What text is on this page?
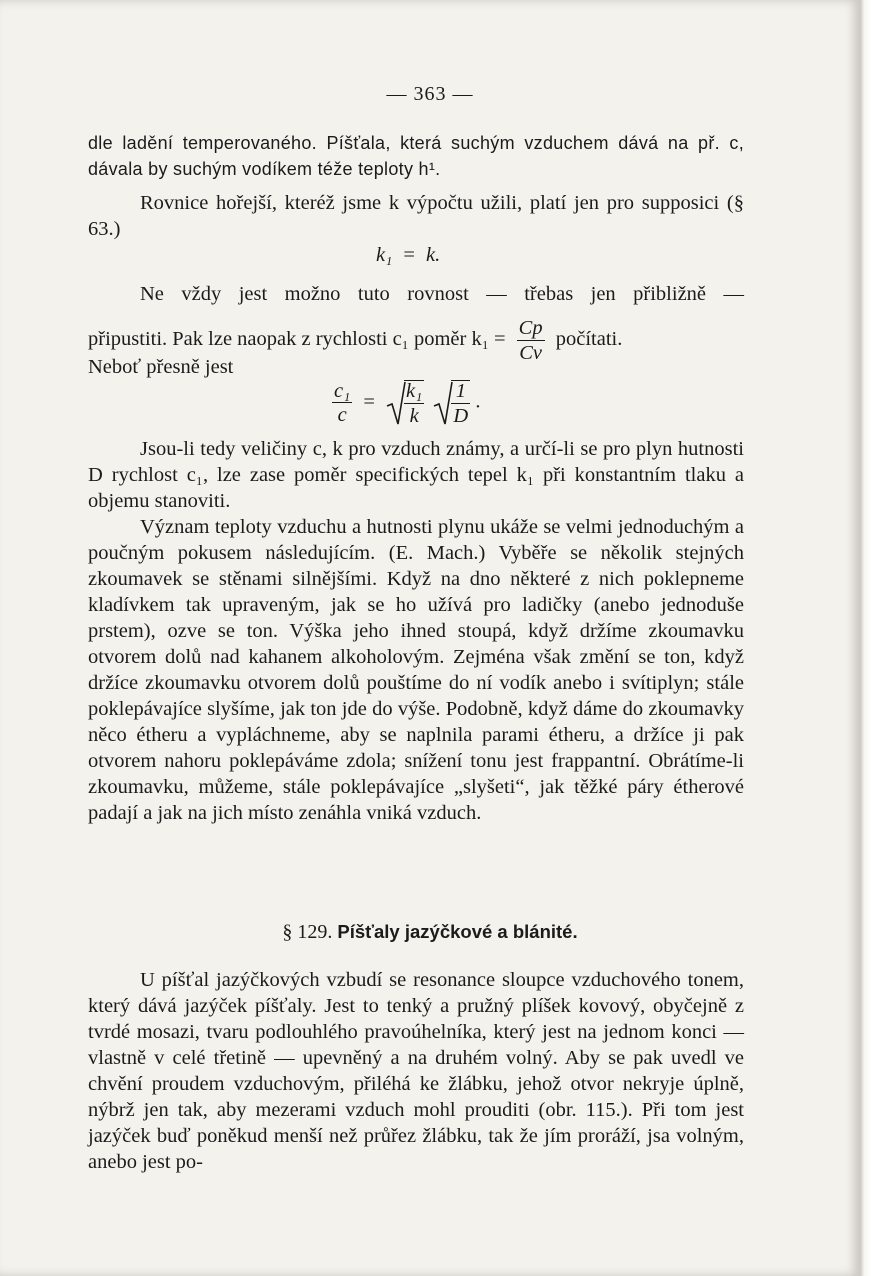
— 363 —
dle ladění temperovaného. Píšťala, která suchým vzduchem dává na př. c, dávala by suchým vodíkem téže teploty h¹.
Rovnice hořejší, kteréž jsme k výpočtu užili, platí jen pro supposici (§ 63.)
k₁ = k.
Ne vždy jest možno tuto rovnost — třebas jen přibližně —
připustiti. Pak lze naopak z rychlosti c₁ poměr $k_1 = \frac{Cp}{Cv}$ počítati.
Neboť přesně jest
$\frac{\text{c₁}}{c} = \frac{\text{k₁}}{k}$
$\frac{1}{D}$ .
Jsou-li tedy veličiny c, k pro vzduch známy, a určí-li se pro plyn hutnosti D rychlost c₁, lze zase poměr specifických tepel k₁ při konstantním tlaku a objemu stanoviti.
Význam teploty vzduchu a hutnosti plynu ukáže se velmi jednoduchým a poučným pokusem následujícím. (E. Mach.) Vyběře se několik stejných zkoumavek se stěnami silnějšími. Když na dno některé z nich poklepneme kladívkem tak upraveným, jak se ho užívá pro ladičky (anebo jednoduše prstem), ozve se ton. Výška jeho ihned stoupá, když držíme zkoumavku otvorem dolů nad kahanem alkoholovým. Zejména však změní se ton, když držíce zkoumavku otvorem dolů pouštíme do ní vodík anebo i svítiplyn; stále poklepávajíce slyšíme, jak ton jde do výše. Podobně, když dáme do zkoumavky něco étheru a vypláchneme, aby se naplnila parami étheru, a držíce ji pak otvorem nahoru poklepáváme zdola; snížení tonu jest frappantní. Obrátíme-li zkoumavku, můžeme, stále poklepávajíce „slyšeti“, jak těžké páry étherové padají a jak na jich místo zenáhla vniká vzduch.
§ 129. Píšťaly jazýčkové a blánité.
U píšťal jazýčkových vzbudí se resonance sloupce vzduchového tonem, který dává jazýček píšťaly. Jest to tenký a pružný plíšek kovový, obyčejně z tvrdé mosazi, tvaru podlouhlého pravoúhelníka, který jest na jednom konci — vlastně v celé třetině — upevněný a na druhém volný. Aby se pak uvedl ve chvění proudem vzduchovým, přiléhá ke žlábku, jehož otvor nekryje úplně, nýbrž jen tak, aby mezerami vzduch mohl prouditi (obr. 115.). Při tom jest jazýček buď poněkud menší než průřez žlábku, tak že jím proráží, jsa volným, anebo jest po-
